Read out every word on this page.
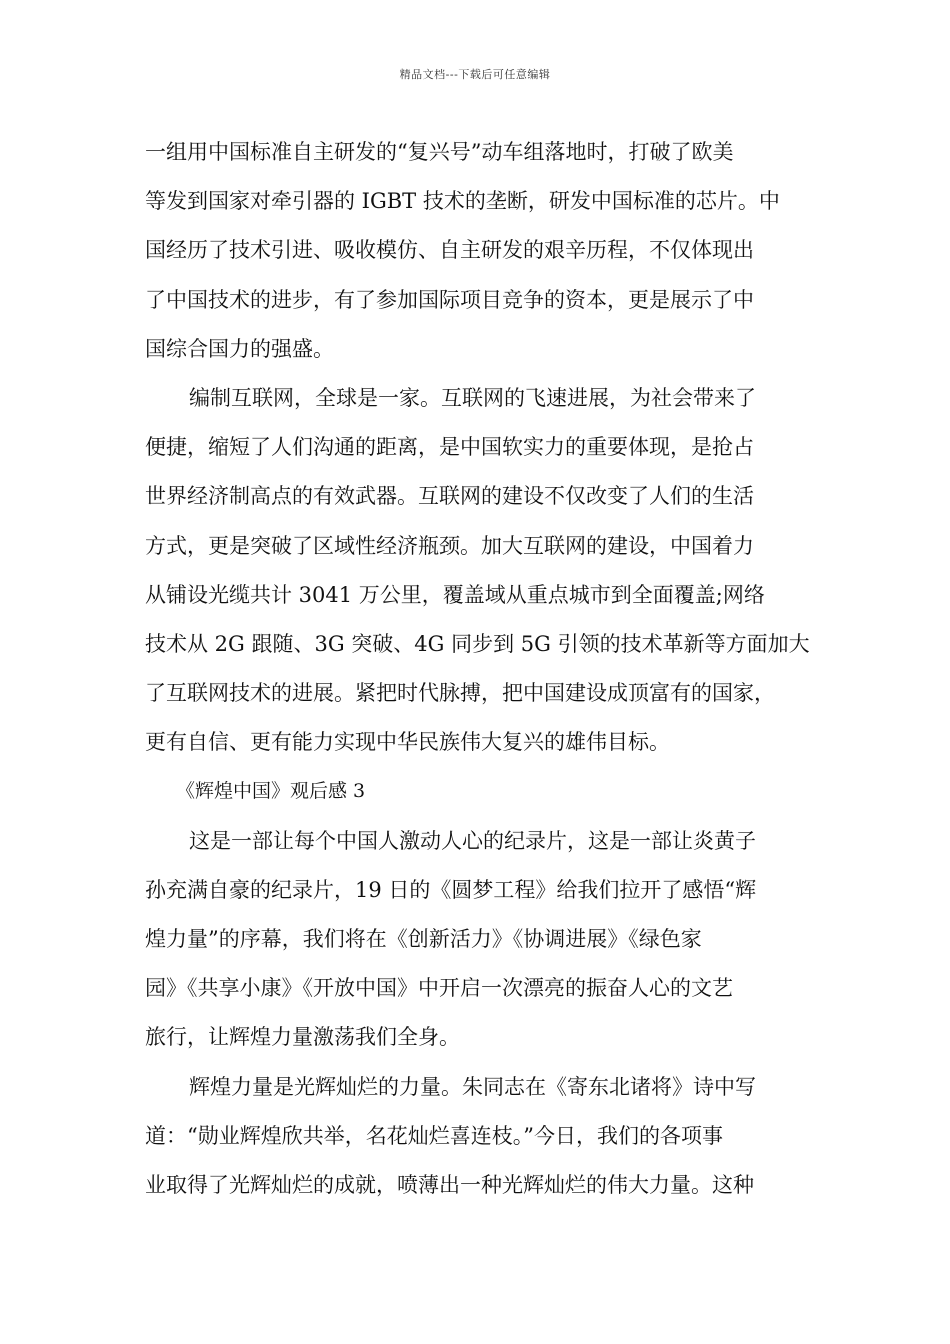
精品文档---下载后可任意编辑
一组用中国标准自主研发的“复兴号”动车组落地时，打破了欧美
等发到国家对牵引器的 IGBT 技术的垄断，研发中国标准的芯片。中
国经历了技术引进、吸收模仿、自主研发的艰辛历程，不仅体现出
了中国技术的进步，有了参加国际项目竞争的资本，更是展示了中
国综合国力的强盛。
编制互联网，全球是一家。互联网的飞速进展，为社会带来了
便捷，缩短了人们沟通的距离，是中国软实力的重要体现，是抢占
世界经济制高点的有效武器。互联网的建设不仅改变了人们的生活
方式，更是突破了区域性经济瓶颈。加大互联网的建设，中国着力
从铺设光缆共计 3041 万公里，覆盖域从重点城市到全面覆盖;网络
技术从 2G 跟随、3G 突破、4G 同步到 5G 引领的技术革新等方面加大
了互联网技术的进展。紧把时代脉搏，把中国建设成顶富有的国家，
更有自信、更有能力实现中华民族伟大复兴的雄伟目标。
《辉煌中国》观后感 3
这是一部让每个中国人激动人心的纪录片，这是一部让炎黄子
孙充满自豪的纪录片，19 日的《圆梦工程》给我们拉开了感悟“辉
煌力量”的序幕，我们将在《创新活力》《协调进展》《绿色家
园》《共享小康》《开放中国》中开启一次漂亮的振奋人心的文艺
旅行，让辉煌力量激荡我们全身。
辉煌力量是光辉灿烂的力量。朱同志在《寄东北诸将》诗中写
道：“勋业辉煌欣共举，名花灿烂喜连枝。”今日，我们的各项事
业取得了光辉灿烂的成就，喷薄出一种光辉灿烂的伟大力量。这种
